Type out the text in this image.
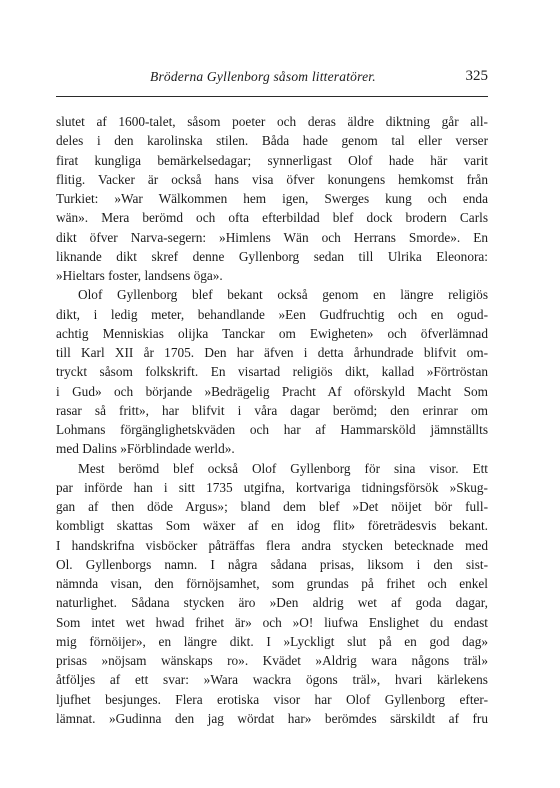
Bröderna Gyllenborg såsom litteratörer.	325
slutet af 1600-talet, såsom poeter och deras äldre diktning går all-
deles i den karolinska stilen. Båda hade genom tal eller verser
firat kungliga bemärkelsedagar; synnerligast Olof hade här varit
flitig. Vacker är också hans visa öfver konungens hemkomst från
Turkiet: »War Wälkommen hem igen, Swerges kung och enda
wän». Mera berömd och ofta efterbildad blef dock brodern Carls
dikt öfver Narva-segern: »Himlens Wän och Herrans Smorde». En
liknande dikt skref denne Gyllenborg sedan till Ulrika Eleonora:
»Hieltars foster, landsens öga».
Olof Gyllenborg blef bekant också genom en längre religiös
dikt, i ledig meter, behandlande »Een Gudfruchtig och en ogud-
achtig Menniskias olijka Tanckar om Ewigheten» och öfverlämnad
till Karl XII år 1705. Den har äfven i detta århundrade blifvit om-
tryckt såsom folkskrift. En visartad religiös dikt, kallad »Förtröstan
i Gud» och börjande »Bedrägelig Pracht Af oförskyld Macht Som
rasar så fritt», har blifvit i våra dagar berömd; den erinrar om
Lohmans förgänglighetskväden och har af Hammarsköld jämnställts
med Dalins »Förblindade werld».
Mest berömd blef också Olof Gyllenborg för sina visor. Ett
par införde han i sitt 1735 utgifna, kortvariga tidningsförsök »Skug-
gan af then döde Argus»; bland dem blef »Det nöijet bör full-
kombligt skattas Som wäxer af en idog flit» företrädesvis bekant.
I handskrifna visböcker påträffas flera andra stycken betecknade med
Ol. Gyllenborgs namn. I några sådana prisas, liksom i den sist-
nämnda visan, den förnöjsamhet, som grundas på frihet och enkel
naturlighet. Sådana stycken äro »Den aldrig wet af goda dagar,
Som intet wet hwad frihet är» och »O! liufwa Enslighet du endast
mig förnöijer», en längre dikt. I »Lyckligt slut på en god dag»
prisas »nöjsam wänskaps ro». Kvädet »Aldrig wara någons träl»
åtföljes af ett svar: »Wara wackra ögons träl», hvari kärlekens
ljufhet besjunges. Flera erotiska visor har Olof Gyllenborg efter-
lämnat. »Gudinna den jag wördat har» berömdes särskildt af fru
